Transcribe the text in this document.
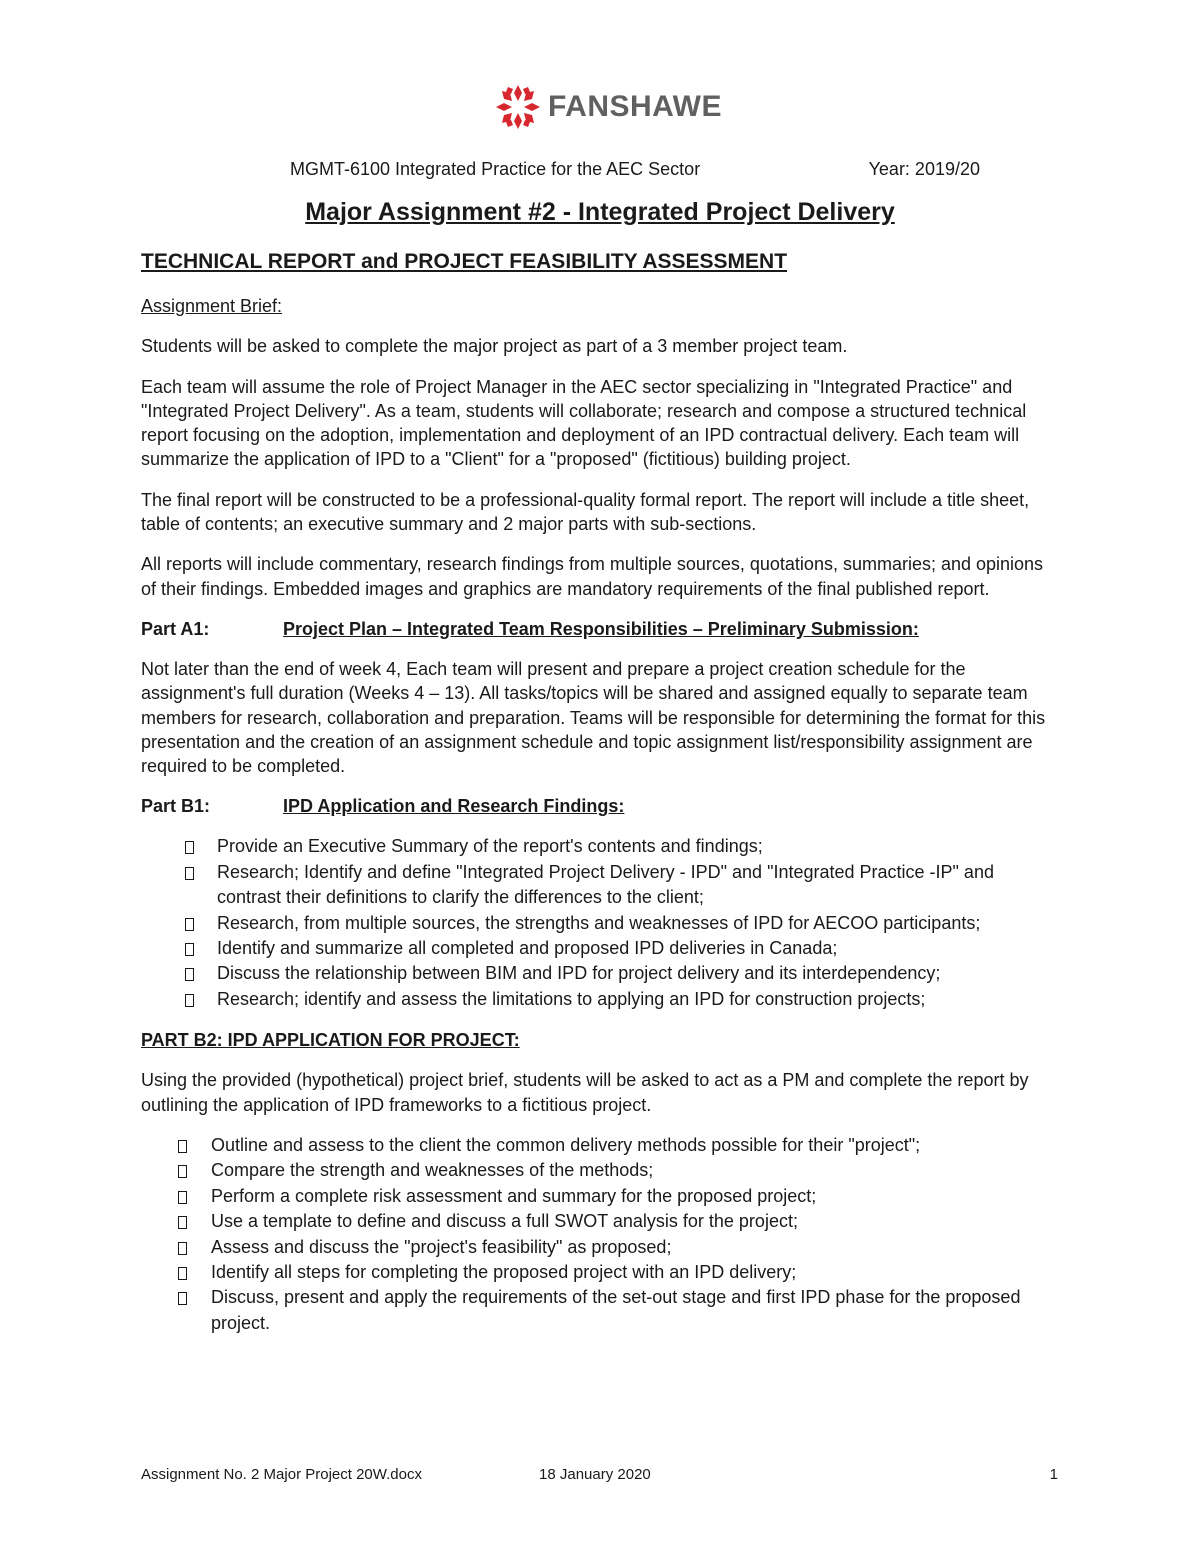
FANSHAWE
MGMT-6100 Integrated Practice for the AEC Sector	Year: 2019/20
Major Assignment #2 - Integrated Project Delivery
TECHNICAL REPORT and PROJECT FEASIBILITY ASSESSMENT

Assignment Brief:

Students will be asked to complete the major project as part of a 3 member project team.

Each team will assume the role of Project Manager in the AEC sector specializing in "Integrated Practice" and "Integrated Project Delivery". As a team, students will collaborate; research and compose a structured technical report focusing on the adoption, implementation and deployment of an IPD contractual delivery. Each team will summarize the application of IPD to a "Client" for a "proposed" (fictitious) building project.

The final report will be constructed to be a professional-quality formal report. The report will include a title sheet, table of contents; an executive summary and 2 major parts with sub-sections.

All reports will include commentary, research findings from multiple sources, quotations, summaries; and opinions of their findings. Embedded images and graphics are mandatory requirements of the final published report.

Part A1:	Project Plan – Integrated Team Responsibilities – Preliminary Submission:

Not later than the end of week 4, Each team will present and prepare a project creation schedule for the assignment's full duration (Weeks 4 – 13). All tasks/topics will be shared and assigned equally to separate team members for research, collaboration and preparation. Teams will be responsible for determining the format for this presentation and the creation of an assignment schedule and topic assignment list/responsibility assignment are required to be completed.

Part B1:	IPD Application and Research Findings:

Provide an Executive Summary of the report's contents and findings;
Research; Identify and define "Integrated Project Delivery - IPD" and "Integrated Practice -IP" and contrast their definitions to clarify the differences to the client;
Research, from multiple sources, the strengths and weaknesses of IPD for AECOO participants;
Identify and summarize all completed and proposed IPD deliveries in Canada;
Discuss the relationship between BIM and IPD for project delivery and its interdependency;
Research; identify and assess the limitations to applying an IPD for construction projects;

PART B2: IPD APPLICATION FOR PROJECT:

Using the provided (hypothetical) project brief, students will be asked to act as a PM and complete the report by outlining the application of IPD frameworks to a fictitious project.

Outline and assess to the client the common delivery methods possible for their "project";
Compare the strength and weaknesses of the methods;
Perform a complete risk assessment and summary for the proposed project;
Use a template to define and discuss a full SWOT analysis for the project;
Assess and discuss the "project's feasibility" as proposed;
Identify all steps for completing the proposed project with an IPD delivery;
Discuss, present and apply the requirements of the set-out stage and first IPD phase for the proposed project.
Assignment No. 2 Major Project 20W.docx	18 January 2020	1
